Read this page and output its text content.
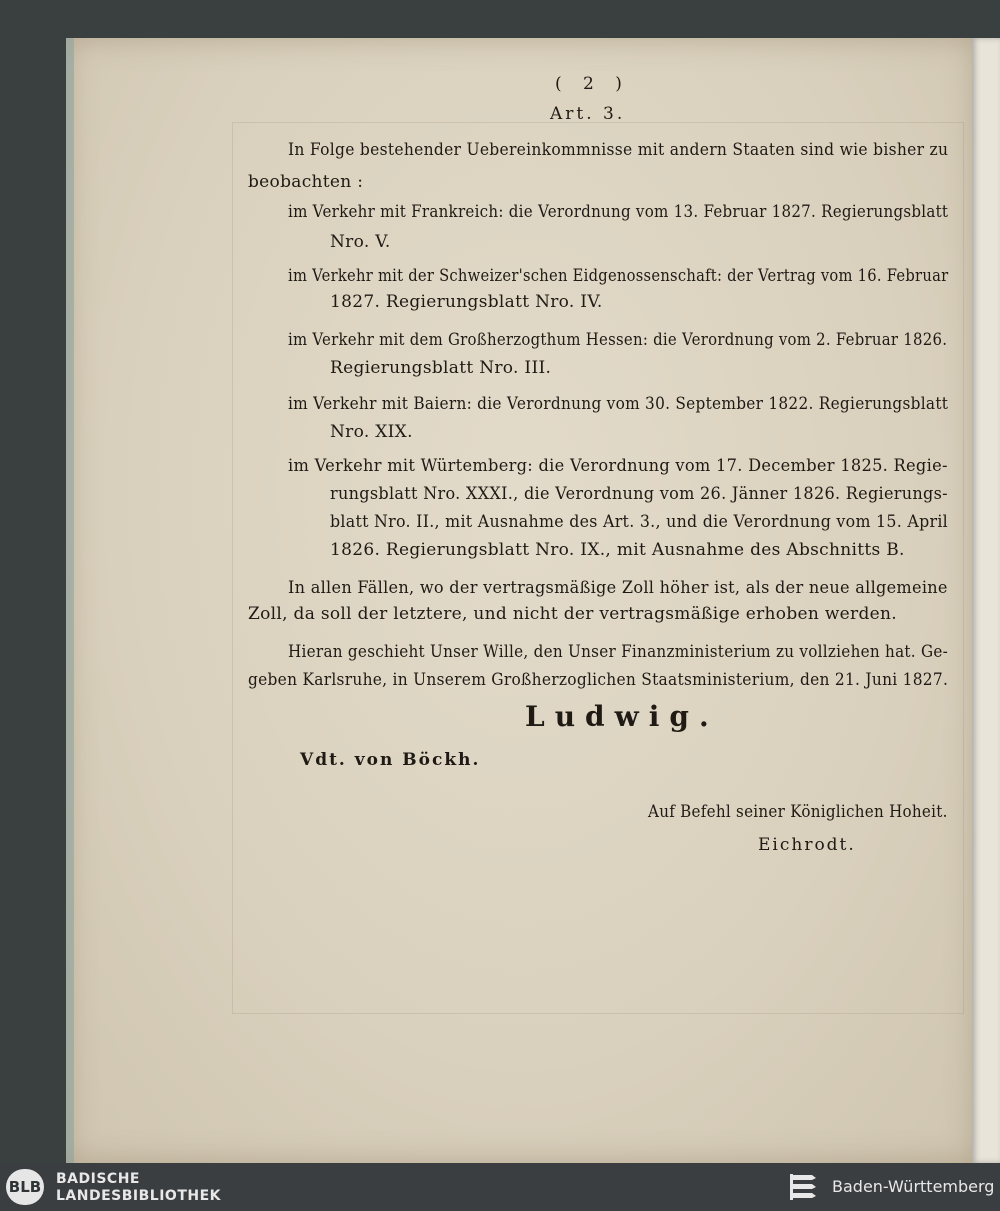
( 2 )
Art. 3.
In Folge bestehender Uebereinkommnisse mit andern Staaten sind wie bisher zu
beobachten :
im Verkehr mit Frankreich: die Verordnung vom 13. Februar 1827. Regierungsblatt
Nro. V.
im Verkehr mit der Schweizer'schen Eidgenossenschaft: der Vertrag vom 16. Februar
1827. Regierungsblatt Nro. IV.
im Verkehr mit dem Großherzogthum Hessen: die Verordnung vom 2. Februar 1826.
Regierungsblatt Nro. III.
im Verkehr mit Baiern: die Verordnung vom 30. September 1822. Regierungsblatt
Nro. XIX.
im Verkehr mit Würtemberg: die Verordnung vom 17. December 1825. Regie-
rungsblatt Nro. XXXI., die Verordnung vom 26. Jänner 1826. Regierungs-
blatt Nro. II., mit Ausnahme des Art. 3., und die Verordnung vom 15. April
1826. Regierungsblatt Nro. IX., mit Ausnahme des Abschnitts B.
In allen Fällen, wo der vertragsmäßige Zoll höher ist, als der neue allgemeine
Zoll, da soll der letztere, und nicht der vertragsmäßige erhoben werden.
Hieran geschieht Unser Wille, den Unser Finanzministerium zu vollziehen hat. Ge-
geben Karlsruhe, in Unserem Großherzoglichen Staatsministerium, den 21. Juni 1827.
Ludwig.
Vdt. von Böckh.
Auf Befehl seiner Königlichen Hoheit.
Eichrodt.
BLB BADISCHE
LANDESBIBLIOTHEK	Baden-Württemberg
